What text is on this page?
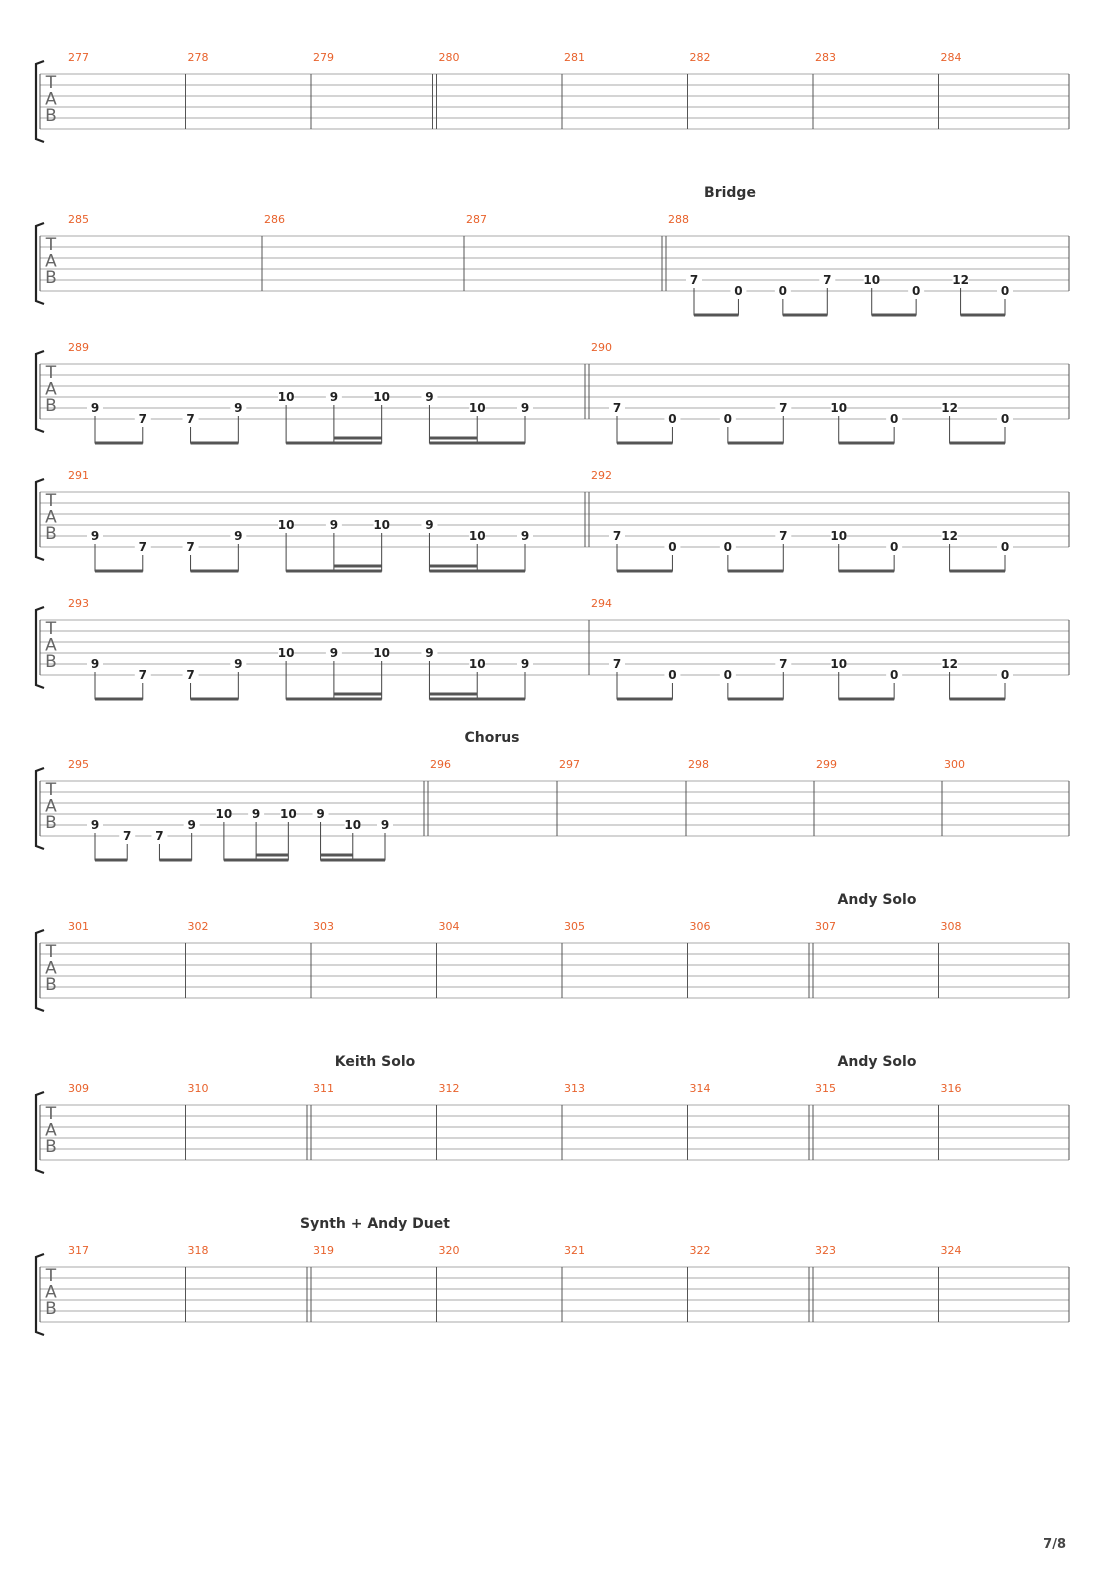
T
A
B
277	278	279	280	281	282	283	284
T
A
B
285	286	287	288
Bridge
7
0	0
7	10
0
12
0
T
A
B
289
9
7	7
9
10	9	10	9
10	9
290
7
0	0
7	10
0
12
0
T
A
B
291
9
7	7
9
10	9	10	9
10	9
292
7
0	0
7	10
0
12
0
T
A
B
293
9
7	7
9
10	9	10	9
10	9
294
7
0	0
7	10
0
12
0
T
A
B
295
9
7 7
9
10 9 10 9
10 9
296
Chorus
297	298	299	300
T
A
B
301	302	303	304	305	306	307
Andy Solo
308
T
A
B
309	310	311
Keith Solo
312	313	314	315
Andy Solo
316
T
A
B
317	318	319
Synth + Andy Duet
320	321	322	323	324
7/8
